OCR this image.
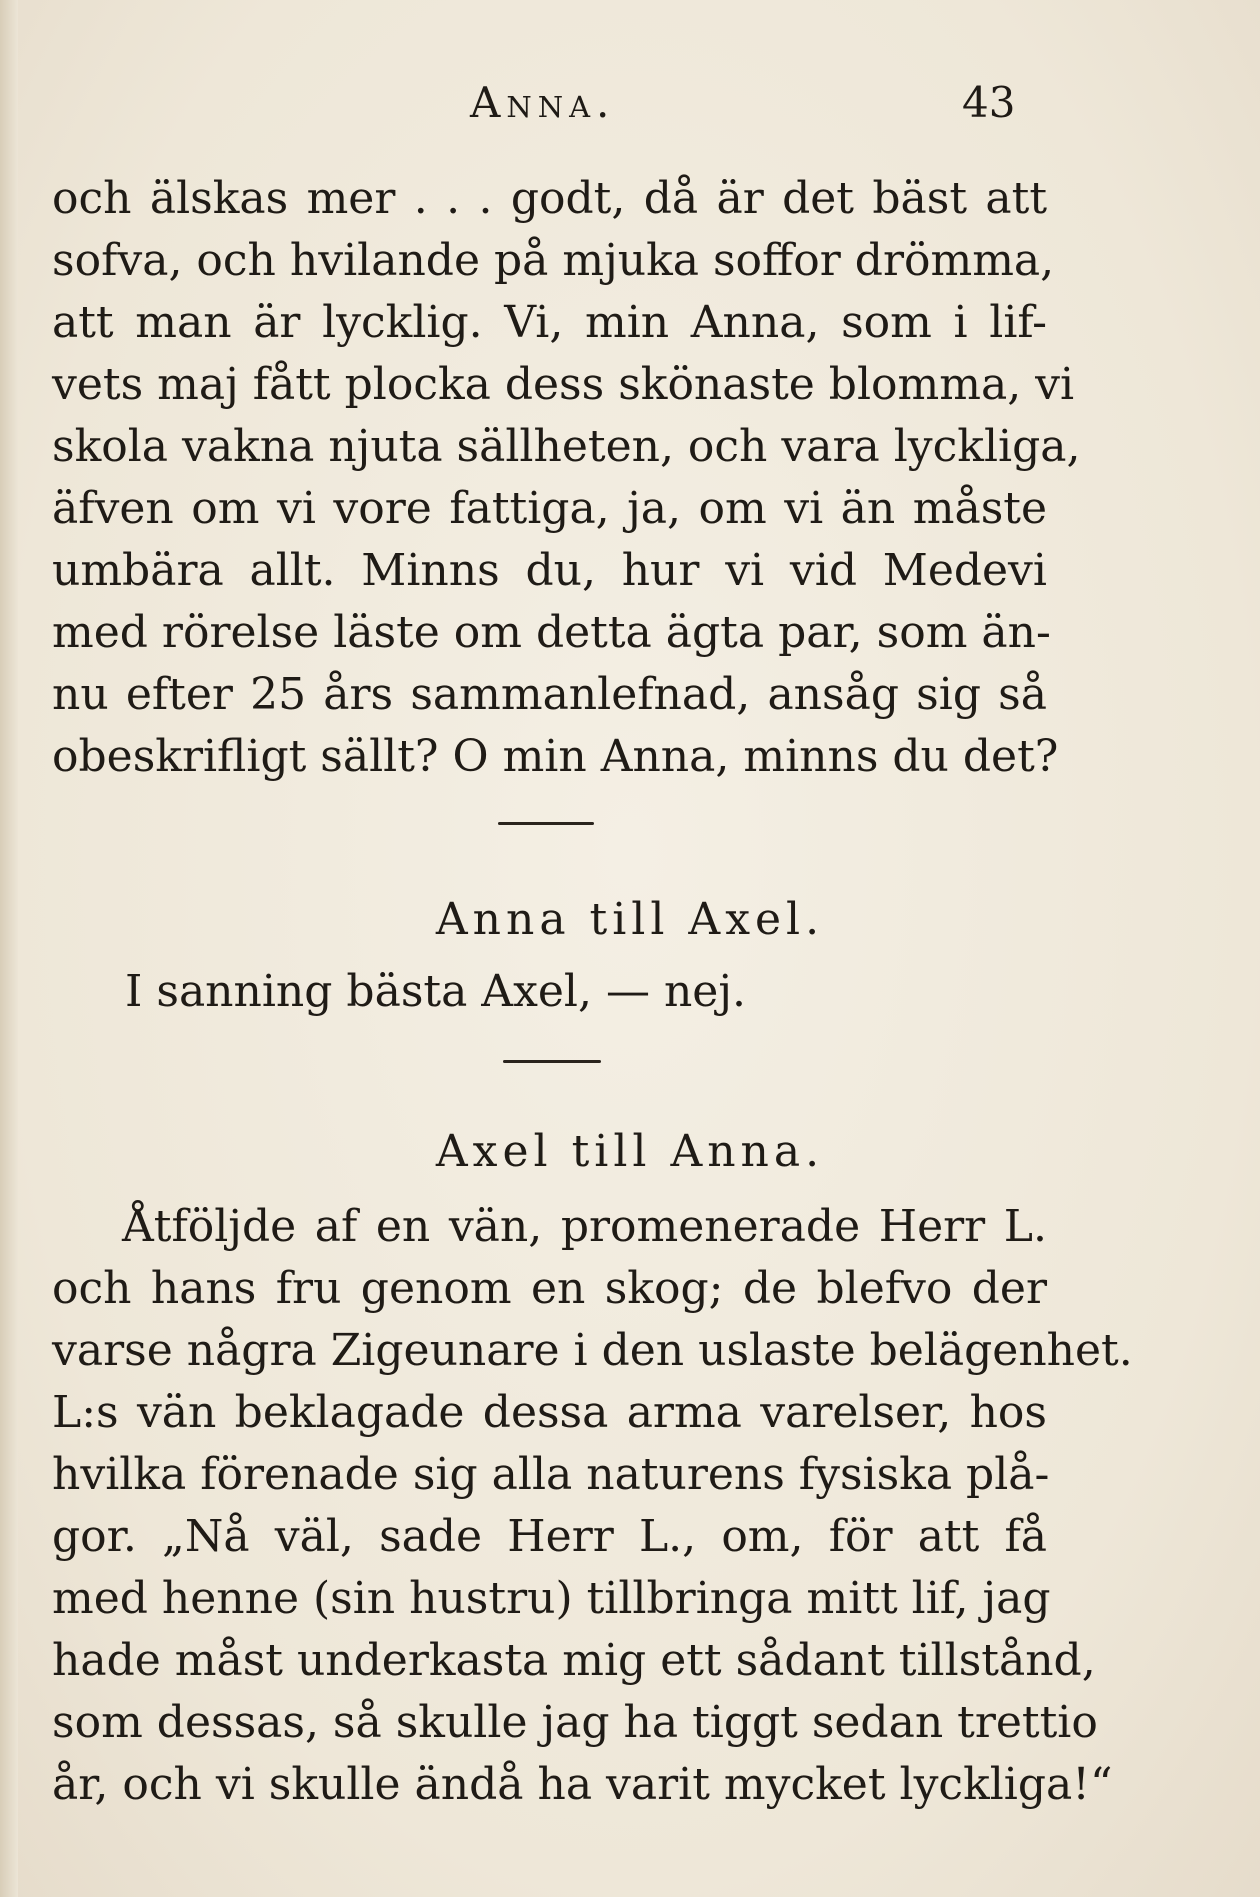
Anna.	43
och älskas mer . . . godt, då är det bäst att
sofva, och hvilande på mjuka soffor drömma,
att man är lycklig. Vi, min Anna, som i lif-
vets maj fått plocka dess skönaste blomma, vi
skola vakna njuta sällheten, och vara lyckliga,
äfven om vi vore fattiga, ja, om vi än måste
umbära allt. Minns du, hur vi vid Medevi
med rörelse läste om detta ägta par, som än-
nu efter 25 års sammanlefnad, ansåg sig så
obeskrifligt sällt? O min Anna, minns du det?
Anna till Axel.
I sanning bästa Axel, — nej.
Axel till Anna.
Åtföljde af en vän, promenerade Herr L.
och hans fru genom en skog; de blefvo der
varse några Zigeunare i den uslaste belägenhet.
L:s vän beklagade dessa arma varelser, hos
hvilka förenade sig alla naturens fysiska plå-
gor. „Nå väl, sade Herr L., om, för att få
med henne (sin hustru) tillbringa mitt lif, jag
hade måst underkasta mig ett sådant tillstånd,
som dessas, så skulle jag ha tiggt sedan trettio
år, och vi skulle ändå ha varit mycket lyckliga!“
